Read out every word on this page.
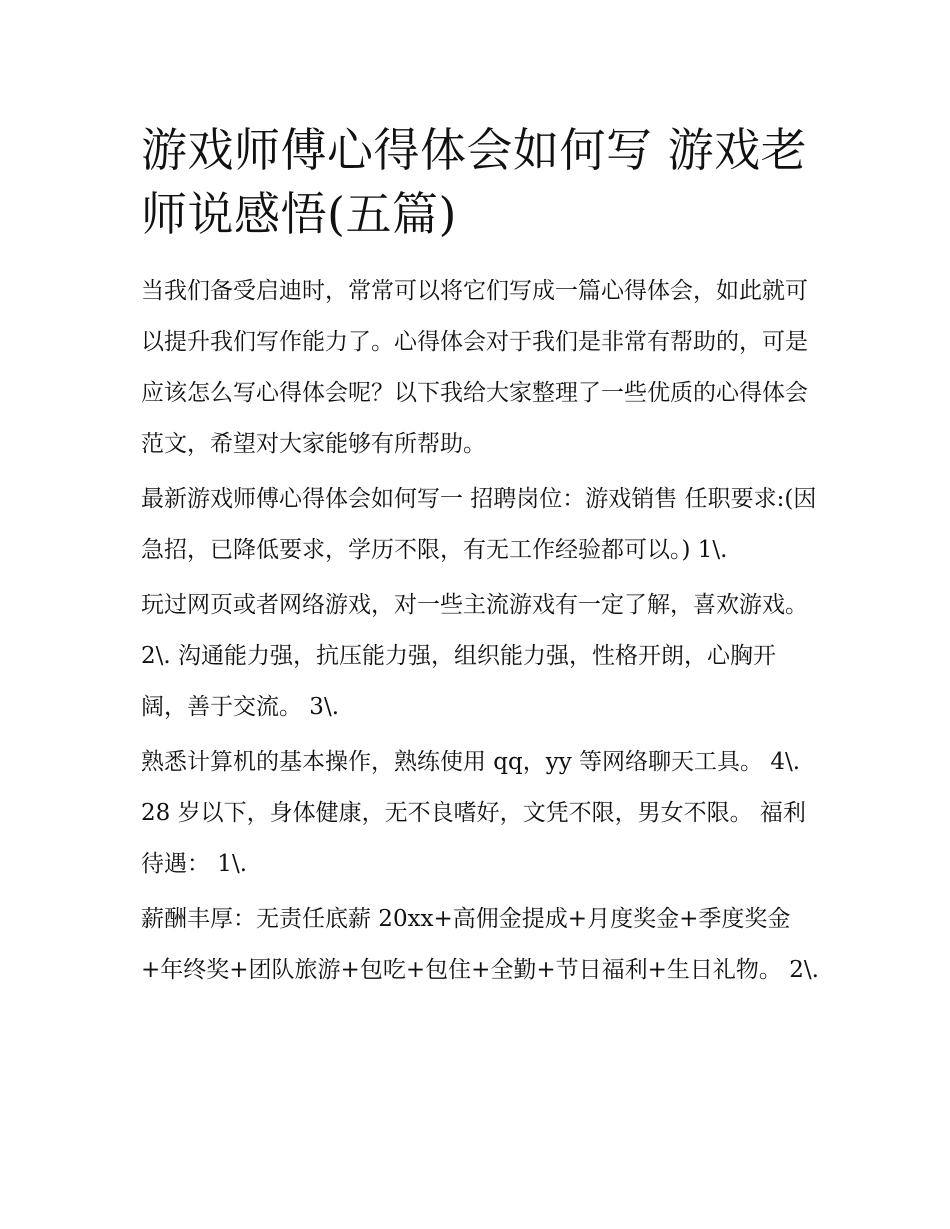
游戏师傅心得体会如何写 游戏老师说感悟(五篇)

当我们备受启迪时，常常可以将它们写成一篇心得体会，如此就可以提升我们写作能力了。心得体会对于我们是非常有帮助的，可是应该怎么写心得体会呢？以下我给大家整理了一些优质的心得体会范文，希望对大家能够有所帮助。

最新游戏师傅心得体会如何写一 招聘岗位：游戏销售 任职要求:(因急招，已降低要求，学历不限，有无工作经验都可以。) 1\.

玩过网页或者网络游戏，对一些主流游戏有一定了解，喜欢游戏。 2\. 沟通能力强，抗压能力强，组织能力强，性格开朗，心胸开阔，善于交流。 3\.

熟悉计算机的基本操作，熟练使用 qq，yy 等网络聊天工具。 4\. 28 岁以下，身体健康，无不良嗜好，文凭不限，男女不限。 福利待遇： 1\.

薪酬丰厚：无责任底薪 20xx+高佣金提成+月度奖金+季度奖金+年终奖+团队旅游+包吃+包住+全勤+节日福利+生日礼物。 2\.
